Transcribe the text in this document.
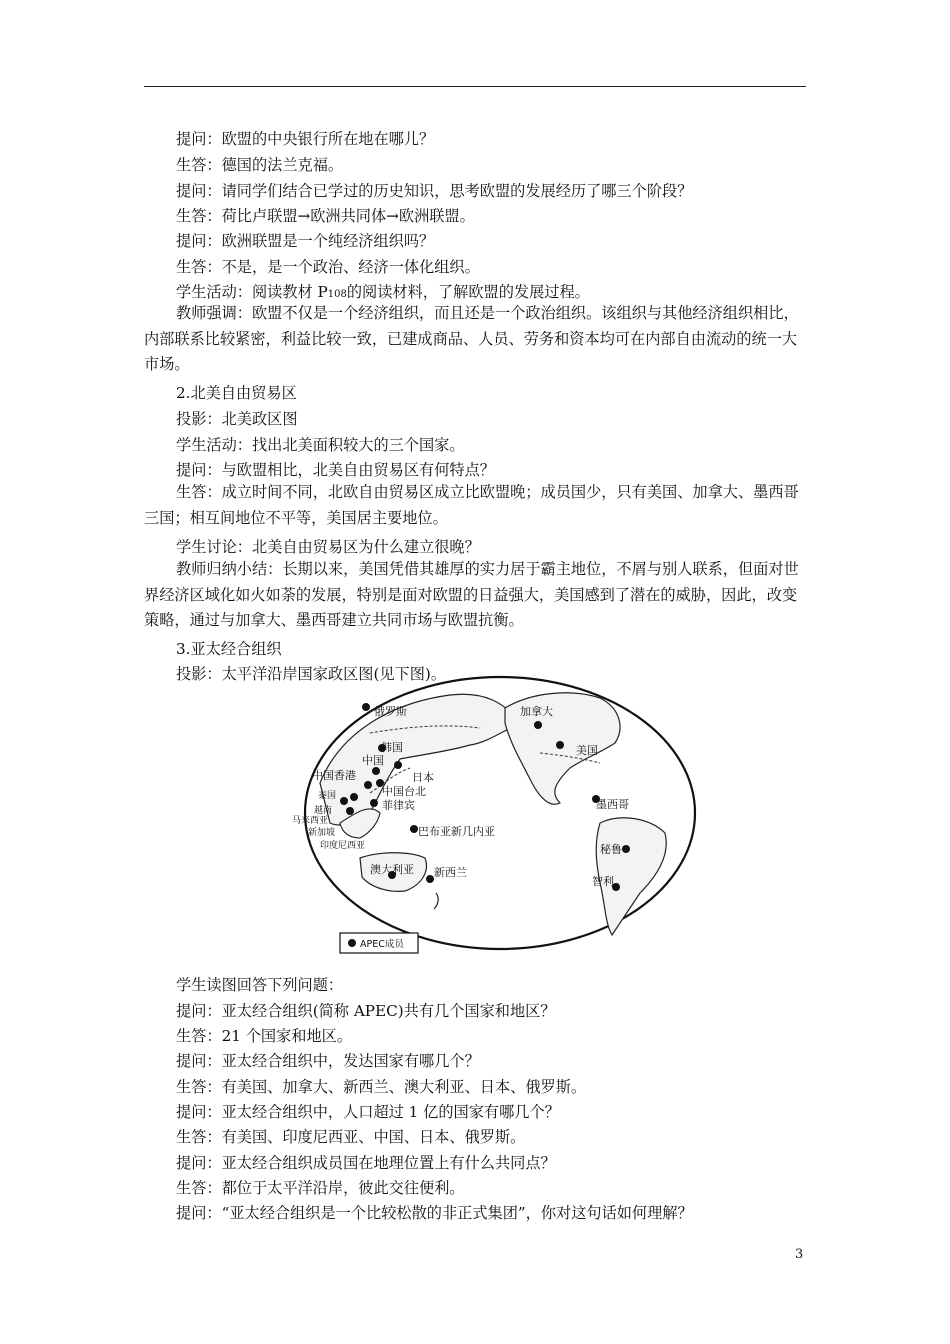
提问：欧盟的中央银行所在地在哪儿？
生答：德国的法兰克福。
提问：请同学们结合已学过的历史知识，思考欧盟的发展经历了哪三个阶段？
生答：荷比卢联盟→欧洲共同体→欧洲联盟。
提问：欧洲联盟是一个纯经济组织吗？
生答：不是，是一个政治、经济一体化组织。
学生活动：阅读教材 P108的阅读材料，了解欧盟的发展过程。
教师强调：欧盟不仅是一个经济组织，而且还是一个政治组织。该组织与其他经济组织相比，内部联系比较紧密，利益比较一致，已建成商品、人员、劳务和资本均可在内部自由流动的统一大市场。
2.北美自由贸易区
投影：北美政区图
学生活动：找出北美面积较大的三个国家。
提问：与欧盟相比，北美自由贸易区有何特点？
生答：成立时间不同，北欧自由贸易区成立比欧盟晚；成员国少，只有美国、加拿大、墨西哥三国；相互间地位不平等，美国居主要地位。
学生讨论：北美自由贸易区为什么建立很晚？
教师归纳小结：长期以来，美国凭借其雄厚的实力居于霸主地位，不屑与别人联系，但面对世界经济区域化如火如荼的发展，特别是面对欧盟的日益强大，美国感到了潜在的威胁，因此，改变策略，通过与加拿大、墨西哥建立共同市场与欧盟抗衡。
3.亚太经合组织
投影：太平洋沿岸国家政区图(见下图)。
俄罗斯	加拿大
韩国
中国
美国
日本
中国香港
中国台北
泰国
菲律宾
越南	墨西哥
马来西亚
新加坡	巴布亚新几内亚
印度尼西亚	秘鲁
澳大利亚 新西兰
智利
APEC成员
学生读图回答下列问题：
提问：亚太经合组织(简称 APEC)共有几个国家和地区？
生答：21 个国家和地区。
提问：亚太经合组织中，发达国家有哪几个？
生答：有美国、加拿大、新西兰、澳大利亚、日本、俄罗斯。
提问：亚太经合组织中，人口超过 1 亿的国家有哪几个？
生答：有美国、印度尼西亚、中国、日本、俄罗斯。
提问：亚太经合组织成员国在地理位置上有什么共同点？
生答：都位于太平洋沿岸，彼此交往便利。
提问：“亚太经合组织是一个比较松散的非正式集团”，你对这句话如何理解？
3
